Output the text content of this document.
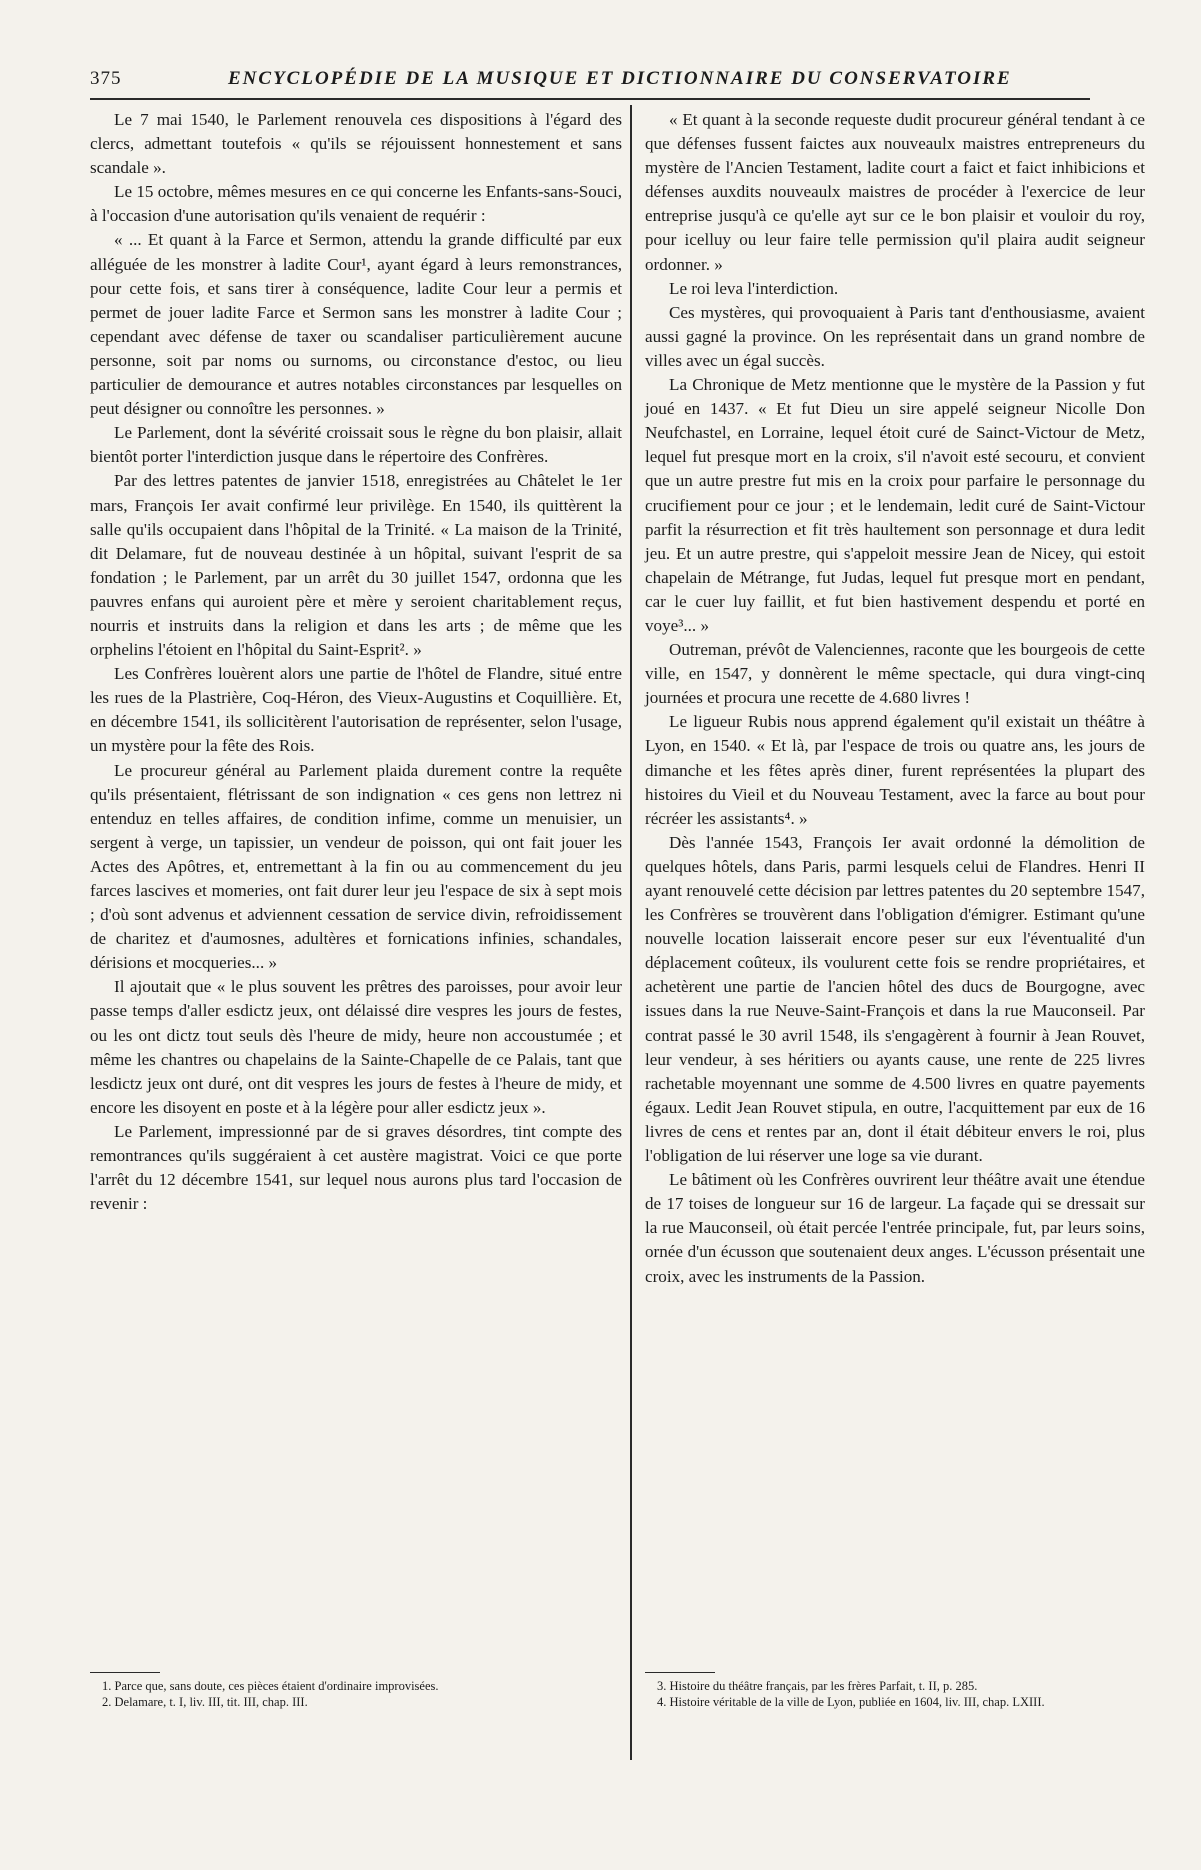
375	ENCYCLOPÉDIE DE LA MUSIQUE ET DICTIONNAIRE DU CONSERVATOIRE

Le 7 mai 1540, le Parlement renouvela ces dispositions à l'égard des clercs, admettant toutefois « qu'ils se réjouissent honnestement et sans scandale ».

Le 15 octobre, mêmes mesures en ce qui concerne les Enfants-sans-Souci, à l'occasion d'une autorisation qu'ils venaient de requérir :

« ... Et quant à la Farce et Sermon, attendu la grande difficulté par eux alléguée de les monstrer à ladite Cour¹, ayant égard à leurs remonstrances, pour cette fois, et sans tirer à conséquence, ladite Cour leur a permis et permet de jouer ladite Farce et Sermon sans les monstrer à ladite Cour ; cependant avec défense de taxer ou scandaliser particulièrement aucune personne, soit par noms ou surnoms, ou circonstance d'estoc, ou lieu particulier de demourance et autres notables circonstances par lesquelles on peut désigner ou connoître les personnes. »

Le Parlement, dont la sévérité croissait sous le règne du bon plaisir, allait bientôt porter l'interdiction jusque dans le répertoire des Confrères.

Par des lettres patentes de janvier 1518, enregistrées au Châtelet le 1er mars, François Ier avait confirmé leur privilège. En 1540, ils quittèrent la salle qu'ils occupaient dans l'hôpital de la Trinité. « La maison de la Trinité, dit Delamare, fut de nouveau destinée à un hôpital, suivant l'esprit de sa fondation ; le Parlement, par un arrêt du 30 juillet 1547, ordonna que les pauvres enfans qui auroient père et mère y seroient charitablement reçus, nourris et instruits dans la religion et dans les arts ; de même que les orphelins l'étoient en l'hôpital du Saint-Esprit². »

Les Confrères louèrent alors une partie de l'hôtel de Flandre, situé entre les rues de la Plastrière, Coq-Héron, des Vieux-Augustins et Coquillière. Et, en décembre 1541, ils sollicitèrent l'autorisation de représenter, selon l'usage, un mystère pour la fête des Rois.

Le procureur général au Parlement plaida durement contre la requête qu'ils présentaient, flétrissant de son indignation « ces gens non lettrez ni entenduz en telles affaires, de condition infime, comme un menuisier, un sergent à verge, un tapissier, un vendeur de poisson, qui ont fait jouer les Actes des Apôtres, et, entremettant à la fin ou au commencement du jeu farces lascives et momeries, ont fait durer leur jeu l'espace de six à sept mois ; d'où sont advenus et adviennent cessation de service divin, refroidissement de charitez et d'aumosnes, adultères et fornications infinies, schandales, dérisions et mocqueries... »

Il ajoutait que « le plus souvent les prêtres des paroisses, pour avoir leur passe temps d'aller esdictz jeux, ont délaissé dire vespres les jours de festes, ou les ont dictz tout seuls dès l'heure de midy, heure non accoustumée ; et même les chantres ou chapelains de la Sainte-Chapelle de ce Palais, tant que lesdictz jeux ont duré, ont dit vespres les jours de festes à l'heure de midy, et encore les disoyent en poste et à la légère pour aller esdictz jeux ».

Le Parlement, impressionné par de si graves désordres, tint compte des remontrances qu'ils suggéraient à cet austère magistrat. Voici ce que porte l'arrêt du 12 décembre 1541, sur lequel nous aurons plus tard l'occasion de revenir :

« Et quant à la seconde requeste dudit procureur général tendant à ce que défenses fussent faictes aux nouveaulx maistres entrepreneurs du mystère de l'Ancien Testament, ladite court a faict et faict inhibicions et défenses auxdits nouveaulx maistres de procéder à l'exercice de leur entreprise jusqu'à ce qu'elle ayt sur ce le bon plaisir et vouloir du roy, pour icelluy ou leur faire telle permission qu'il plaira audit seigneur ordonner. »

Le roi leva l'interdiction.

Ces mystères, qui provoquaient à Paris tant d'enthousiasme, avaient aussi gagné la province. On les représentait dans un grand nombre de villes avec un égal succès.

La Chronique de Metz mentionne que le mystère de la Passion y fut joué en 1437. « Et fut Dieu un sire appelé seigneur Nicolle Don Neufchastel, en Lorraine, lequel étoit curé de Sainct-Victour de Metz, lequel fut presque mort en la croix, s'il n'avoit esté secouru, et convient que un autre prestre fut mis en la croix pour parfaire le personnage du crucifiement pour ce jour ; et le lendemain, ledit curé de Saint-Victour parfit la résurrection et fit très haultement son personnage et dura ledit jeu. Et un autre prestre, qui s'appeloit messire Jean de Nicey, qui estoit chapelain de Métrange, fut Judas, lequel fut presque mort en pendant, car le cuer luy faillit, et fut bien hastivement despendu et porté en voye³... »

Outreman, prévôt de Valenciennes, raconte que les bourgeois de cette ville, en 1547, y donnèrent le même spectacle, qui dura vingt-cinq journées et procura une recette de 4.680 livres !

Le ligueur Rubis nous apprend également qu'il existait un théâtre à Lyon, en 1540. « Et là, par l'espace de trois ou quatre ans, les jours de dimanche et les fêtes après diner, furent représentées la plupart des histoires du Vieil et du Nouveau Testament, avec la farce au bout pour récréer les assistants⁴. »

Dès l'année 1543, François Ier avait ordonné la démolition de quelques hôtels, dans Paris, parmi lesquels celui de Flandres. Henri II ayant renouvelé cette décision par lettres patentes du 20 septembre 1547, les Confrères se trouvèrent dans l'obligation d'émigrer. Estimant qu'une nouvelle location laisserait encore peser sur eux l'éventualité d'un déplacement coûteux, ils voulurent cette fois se rendre propriétaires, et achetèrent une partie de l'ancien hôtel des ducs de Bourgogne, avec issues dans la rue Neuve-Saint-François et dans la rue Mauconseil. Par contrat passé le 30 avril 1548, ils s'engagèrent à fournir à Jean Rouvet, leur vendeur, à ses héritiers ou ayants cause, une rente de 225 livres rachetable moyennant une somme de 4.500 livres en quatre payements égaux. Ledit Jean Rouvet stipula, en outre, l'acquittement par eux de 16 livres de cens et rentes par an, dont il était débiteur envers le roi, plus l'obligation de lui réserver une loge sa vie durant.

Le bâtiment où les Confrères ouvrirent leur théâtre avait une étendue de 17 toises de longueur sur 16 de largeur. La façade qui se dressait sur la rue Mauconseil, où était percée l'entrée principale, fut, par leurs soins, ornée d'un écusson que soutenaient deux anges. L'écusson présentait une croix, avec les instruments de la Passion.

1. Parce que, sans doute, ces pièces étaient d'ordinaire improvisées.

2. Delamare, t. I, liv. III, tit. III, chap. III.

3. Histoire du théâtre français, par les frères Parfait, t. II, p. 285.

4. Histoire véritable de la ville de Lyon, publiée en 1604, liv. III, chap. LXIII.
